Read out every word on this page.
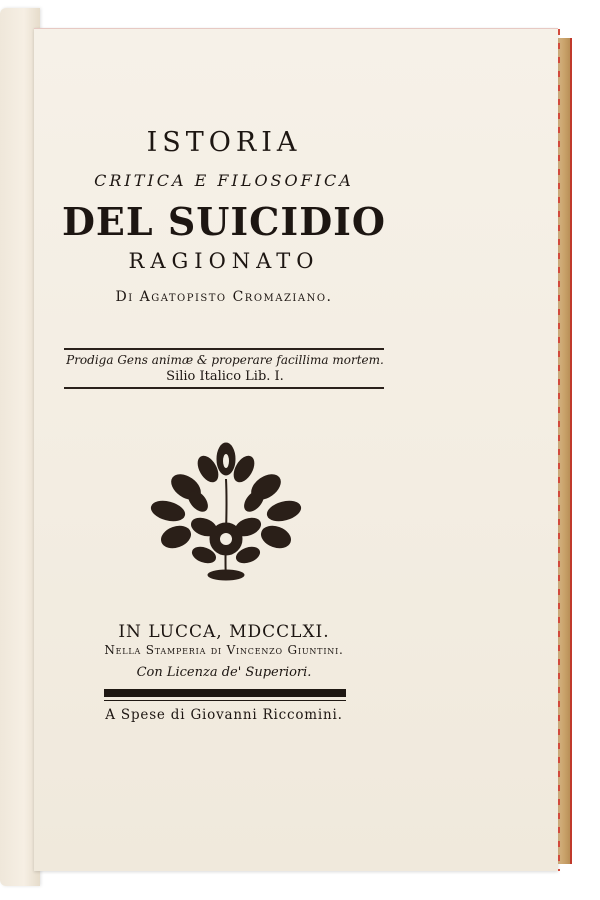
ISTORIA
CRITICA E FILOSOFICA
DEL SUICIDIO
RAGIONATO
Di Agatopisto Cromaziano.
Prodiga Gens animæ & properare facillima mortem.
Silio Italico Lib. I.
IN LUCCA, MDCCLXI.
Nella Stamperia di Vincenzo Giuntini.
Con Licenza de' Superiori.
A Spese di Giovanni Riccomini.
